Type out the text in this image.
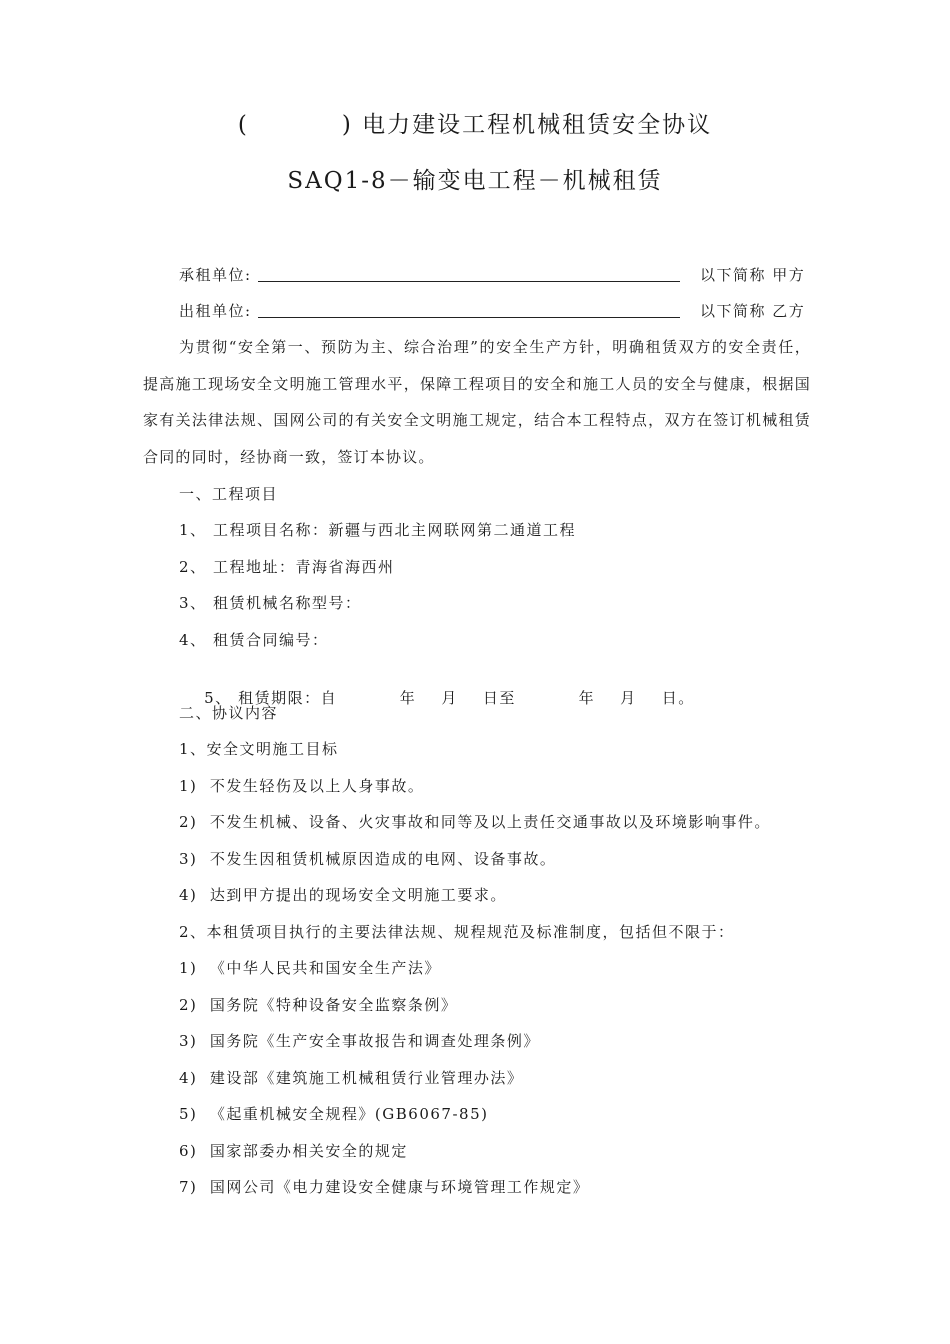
(          ) 电力建设工程机械租赁安全协议
SAQ1-8－输变电工程－机械租赁
承租单位:	以下简称 甲方
出租单位:	以下简称 乙方
为贯彻“安全第一、预防为主、综合治理”的安全生产方针，明确租赁双方的安全责任，提高施工现场安全文明施工管理水平，保障工程项目的安全和施工人员的安全与健康，根据国家有关法律法规、国网公司的有关安全文明施工规定，结合本工程特点，双方在签订机械租赁合同的同时，经协商一致，签订本协议。
一、工程项目
1、 工程项目名称：新疆与西北主网联网第二通道工程
2、 工程地址：青海省海西州
3、 租赁机械名称型号：
4、 租赁合同编号：

5、 租赁期限：自          年    月    日至          年    月    日。

二、协议内容
1、安全文明施工目标
1)  不发生轻伤及以上人身事故。
2)  不发生机械、设备、火灾事故和同等及以上责任交通事故以及环境影响事件。
3)  不发生因租赁机械原因造成的电网、设备事故。
4)  达到甲方提出的现场安全文明施工要求。
2、本租赁项目执行的主要法律法规、规程规范及标准制度，包括但不限于：
1)  《中华人民共和国安全生产法》
2)  国务院《特种设备安全监察条例》
3)  国务院《生产安全事故报告和调查处理条例》
4)  建设部《建筑施工机械租赁行业管理办法》
5)  《起重机械安全规程》(GB6067-85)
6)  国家部委办相关安全的规定
7)  国网公司《电力建设安全健康与环境管理工作规定》
